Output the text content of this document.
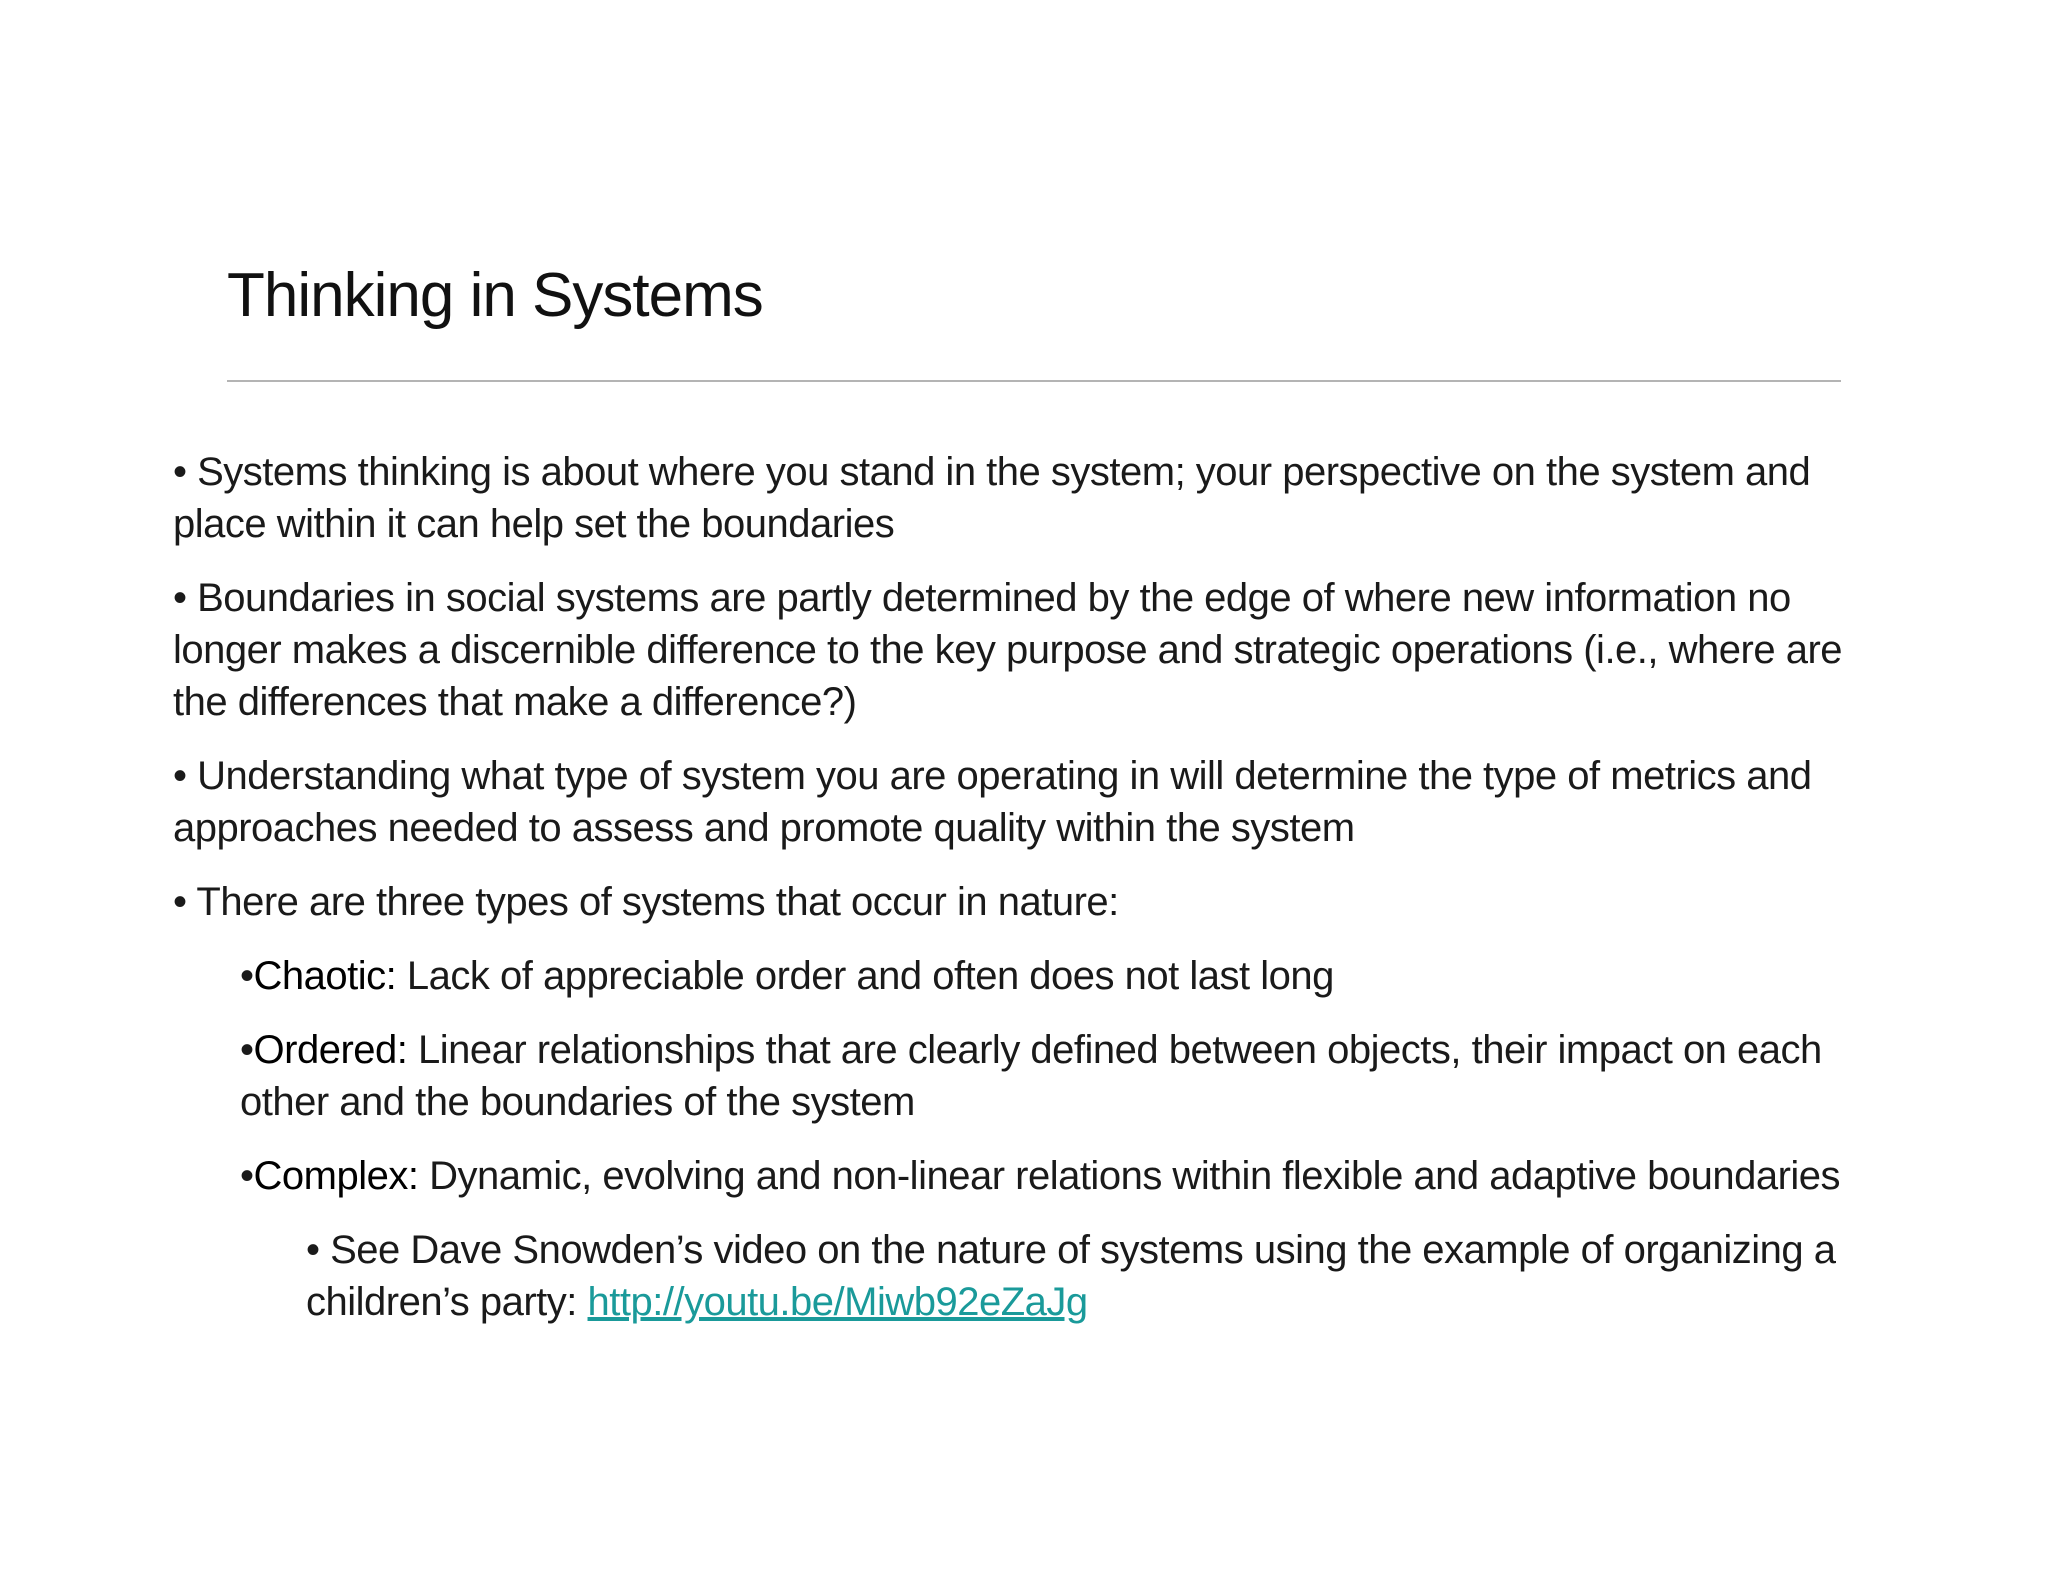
Thinking in Systems

• Systems thinking is about where you stand in the system; your perspective on the system and place within it can help set the boundaries

• Boundaries in social systems are partly determined by the edge of where new information no longer makes a discernible difference to the key purpose and strategic operations (i.e., where are the differences that make a difference?)

• Understanding what type of system you are operating in will determine the type of metrics and approaches needed to assess and promote quality within the system

• There are three types of systems that occur in nature:

•Chaotic: Lack of appreciable order and often does not last long

•Ordered: Linear relationships that are clearly defined between objects, their impact on each other and the boundaries of the system

•Complex: Dynamic, evolving and non-linear relations within flexible and adaptive boundaries

• See Dave Snowden’s video on the nature of systems using the example of organizing a children’s party: http://youtu.be/Miwb92eZaJg
